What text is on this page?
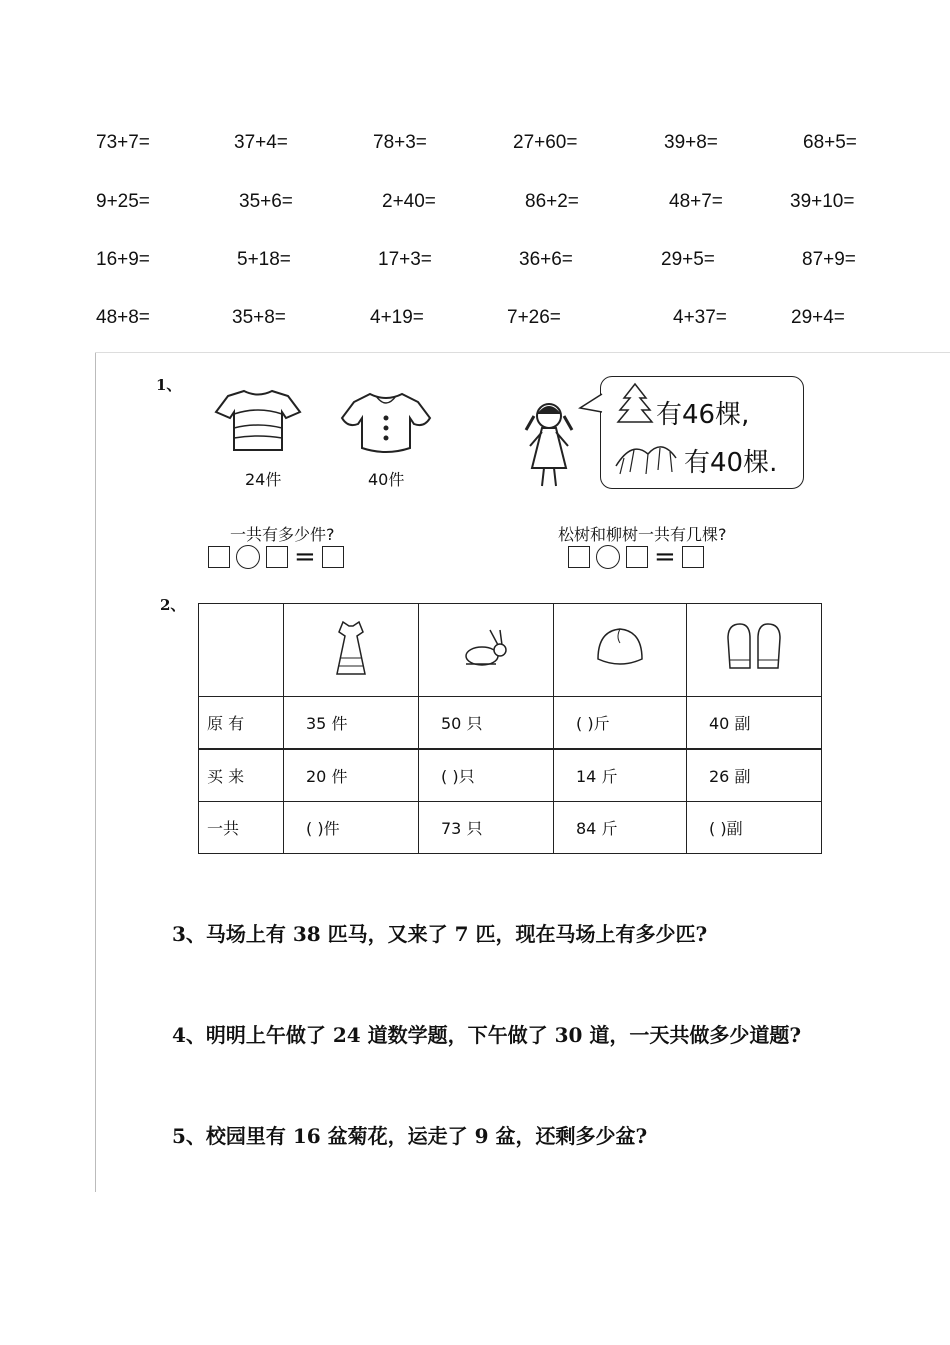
73+7=	37+4=	78+3=	27+60=	39+8=	68+5=
9+25=	35+6=	2+40=	86+2=	48+7=	39+10=
16+9=	5+18=	17+3=	36+6=	29+5=	87+9=
48+8=	35+8=	4+19=	7+26=	4+37=	29+4=
1、
24件	40件
有46棵,
有40棵.
一共有多少件?
=
松树和柳树一共有几棵?
=
2、

原 有	35 件	50 只	( )斤	40 副
买 来	20 件	( )只	14 斤	26 副
一共	( )件	73 只	84 斤	( )副
3、马场上有 38 匹马，又来了 7 匹，现在马场上有多少匹?
4、明明上午做了 24 道数学题，下午做了 30 道，一天共做多少道题?
5、校园里有 16 盆菊花，运走了 9 盆，还剩多少盆?
